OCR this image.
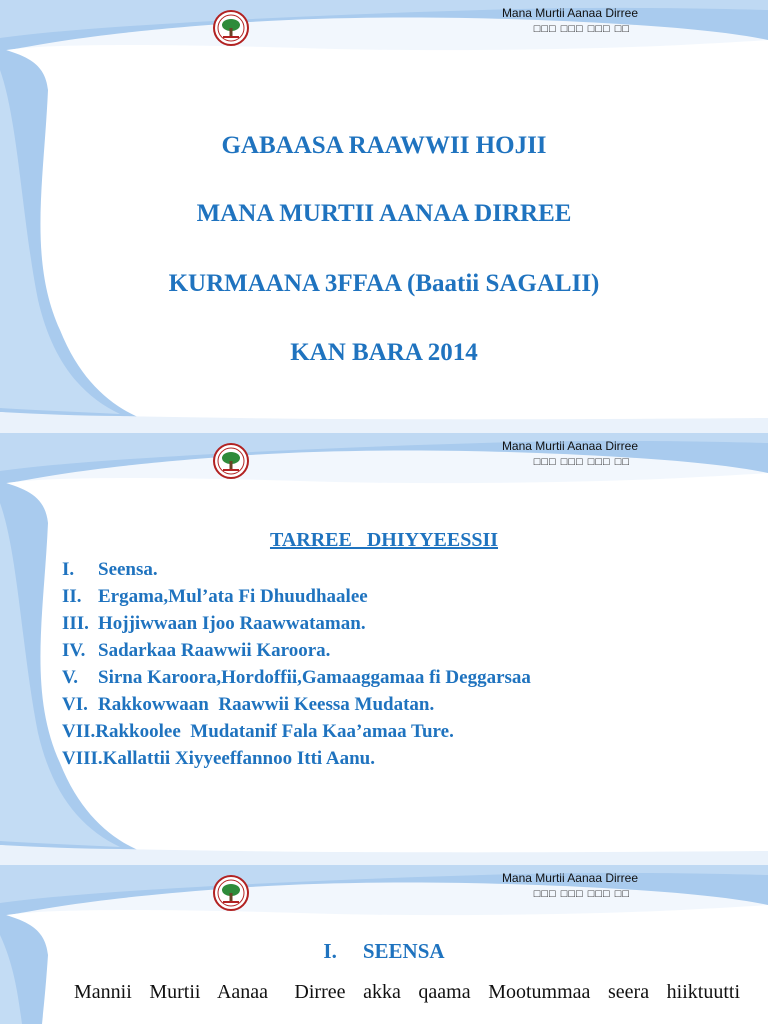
Mana Murtii Aanaa Dirree
□□□ □□□ □□□ □□
GABAASA RAAWWII HOJII
MANA MURTII AANAA DIRREE
KURMAANA 3FFAA (Baatii SAGALII)
KAN BARA 2014
Mana Murtii Aanaa Dirree
□□□ □□□ □□□ □□
TARREE   DHIYYEESSII
I. Seensa.
II. Ergama,Mul’ata Fi Dhuudhaalee
III. Hojjiwwaan Ijoo Raawwataman.
IV. Sadarkaa Raawwii Karoora.
V. Sirna Karoora,Hordoffii,Gamaaggamaa fi Deggarsaa
VI. Rakkowwaan  Raawwii Keessa Mudatan.
VII.Rakkoolee  Mudatanif Fala Kaa’amaa Ture.
VIII.Kallattii Xiyyeeffannoo Itti Aanu.
Mana Murtii Aanaa Dirree
□□□ □□□ □□□ □□
I. SEENSA
Mannii  Murtii  Aanaa   Dirree  akka  qaama  Mootummaa  seera  hiiktuutti
